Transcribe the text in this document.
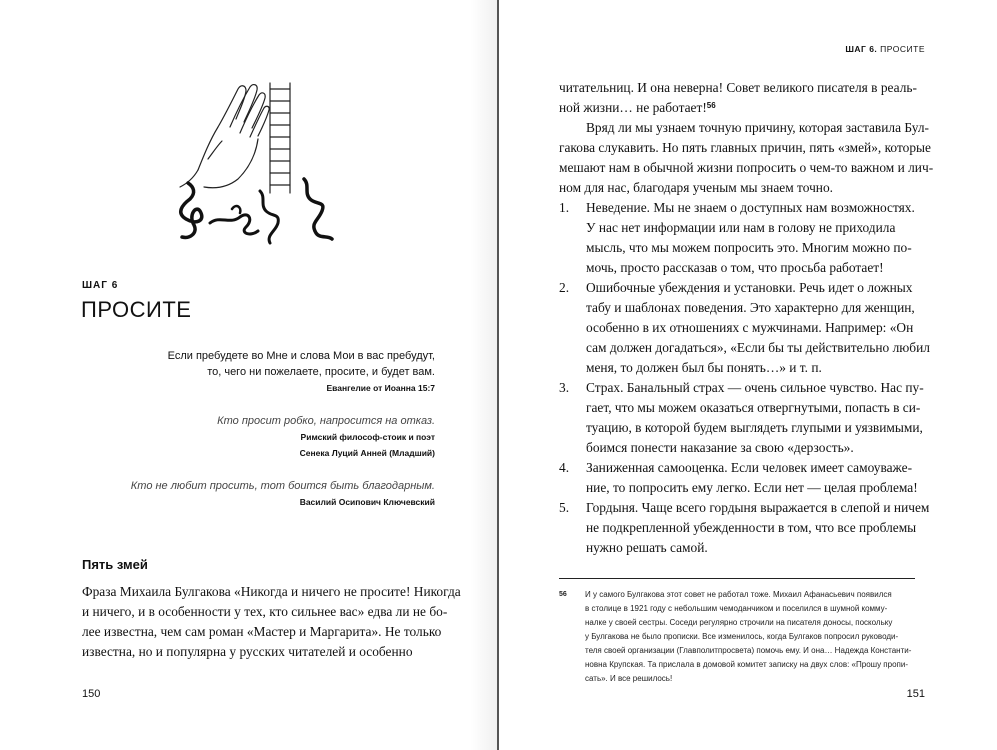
ШАГ 6
ПРОСИТЕ
Если пребудете во Мне и слова Мои в вас пребудут,
то, чего ни пожелаете, просите, и будет вам.
Евангелие от Иоанна 15:7
Кто просит робко, напросится на отказ.
Римский философ-стоик и поэт
Сенека Луций Анней (Младший)
Кто не любит просить, тот боится быть благодарным.
Василий Осипович Ключевский
Пять змей
Фраза Михаила Булгакова «Никогда и ничего не просите! Никогда
и ничего, и в особенности у тех, кто сильнее вас» едва ли не бо-
лее известна, чем сам роман «Мастер и Маргарита». Не только
известна, но и популярна у русских читателей и особенно
150
ШАГ 6. ПРОСИТЕ
читательниц. И она неверна! Совет великого писателя в реаль-
ной жизни… не работает!$^{56}$
Вряд ли мы узнаем точную причину, которая заставила Бул-
гакова слукавить. Но пять главных причин, пять «змей», которые
мешают нам в обычной жизни попросить о чем-то важном и лич-
ном для нас, благодаря ученым мы знаем точно.
1. Неведение. Мы не знаем о доступных нам возможностях.
У нас нет информации или нам в голову не приходила
мысль, что мы можем попросить это. Многим можно по-
мочь, просто рассказав о том, что просьба работает!
2. Ошибочные убеждения и установки. Речь идет о ложных
табу и шаблонах поведения. Это характерно для женщин,
особенно в их отношениях с мужчинами. Например: «Он
сам должен догадаться», «Если бы ты действительно любил
меня, то должен был бы понять…» и т. п.
3. Страх. Банальный страх — очень сильное чувство. Нас пу-
гает, что мы можем оказаться отвергнутыми, попасть в си-
туацию, в которой будем выглядеть глупыми и уязвимыми,
боимся понести наказание за свою «дерзость».
4. Заниженная самооценка. Если человек имеет самоуваже-
ние, то попросить ему легко. Если нет — целая проблема!
5. Гордыня. Чаще всего гордыня выражается в слепой и ничем
не подкрепленной убежденности в том, что все проблемы
нужно решать самой.
56 И у самого Булгакова этот совет не работал тоже. Михаил Афанасьевич появился
в столице в 1921 году с небольшим чемоданчиком и поселился в шумной комму-
налке у своей сестры. Соседи регулярно строчили на писателя доносы, поскольку
у Булгакова не было прописки. Все изменилось, когда Булгаков попросил руководи-
теля своей организации (Главполитпросвета) помочь ему. И она… Надежда Константи-
новна Крупская. Та прислала в домовой комитет записку на двух слов: «Прошу пропи-
сать». И все решилось!
151
